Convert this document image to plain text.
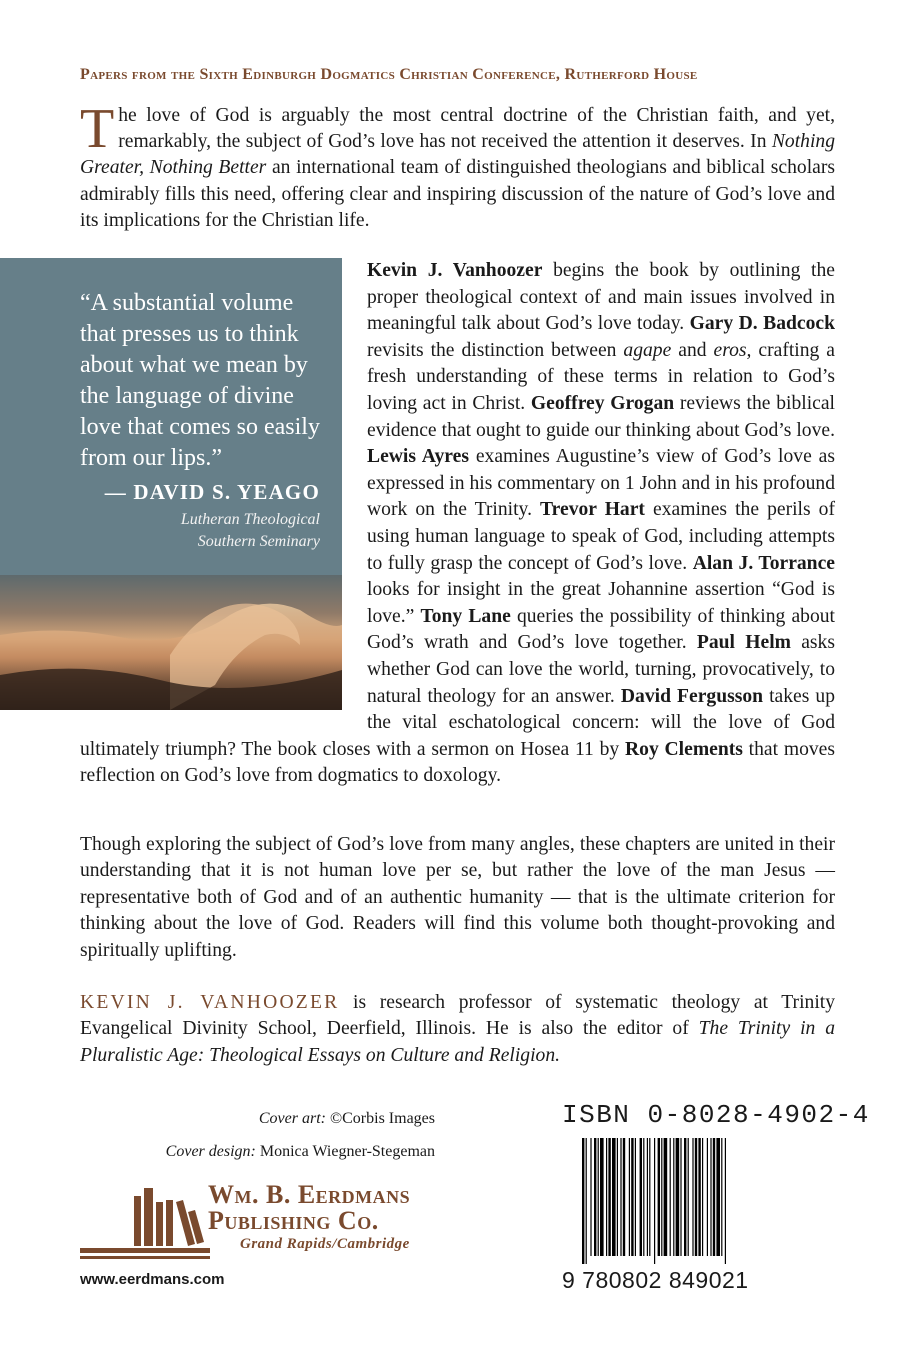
Papers from the Sixth Edinburgh Dogmatics Christian Conference, Rutherford House
The love of God is arguably the most central doctrine of the Christian faith, and yet, remarkably, the subject of God’s love has not received the attention it deserves. In Nothing Greater, Nothing Better an international team of distinguished theologians and biblical scholars admirably fills this need, offering clear and inspiring discussion of the nature of God’s love and its implications for the Christian life.
“A substantial volume that presses us to think about what we mean by the language of divine love that comes so easily from our lips.”
— DAVID S. YEAGO
Lutheran Theological
Southern Seminary
Kevin J. Vanhoozer begins the book by outlining the proper theological context of and main issues involved in meaningful talk about God’s love today. Gary D. Badcock revisits the distinction between agape and eros, crafting a fresh understanding of these terms in relation to God’s loving act in Christ. Geoffrey Grogan reviews the biblical evidence that ought to guide our thinking about God’s love. Lewis Ayres examines Augustine’s view of God’s love as expressed in his commentary on 1 John and in his profound work on the Trinity. Trevor Hart examines the perils of using human language to speak of God, including attempts to fully grasp the concept of God’s love. Alan J. Torrance looks for insight in the great Johannine assertion “God is love.” Tony Lane queries the possibility of thinking about God’s wrath and God’s love together. Paul Helm asks whether God can love the world, turning, provocatively, to natural theology for an answer. David Fergusson takes up the vital eschatological concern: will the love of God ultimately triumph? The book closes with a sermon on Hosea 11 by Roy Clements that moves reflection on God’s love from dogmatics to doxology.
Though exploring the subject of God’s love from many angles, these chapters are united in their understanding that it is not human love per se, but rather the love of the man Jesus — representative both of God and of an authentic humanity — that is the ultimate criterion for thinking about the love of God. Readers will find this volume both thought-provoking and spiritually uplifting.
KEVIN J. VANHOOZER is research professor of systematic theology at Trinity Evangelical Divinity School, Deerfield, Illinois. He is also the editor of The Trinity in a Pluralistic Age: Theological Essays on Culture and Religion.
Cover art: ©Corbis Images
Cover design: Monica Wiegner-Stegeman
Wm. B. Eerdmans
Publishing Co.
Grand Rapids/Cambridge
www.eerdmans.com
ISBN 0-8028-4902-4
9 780802 849021
